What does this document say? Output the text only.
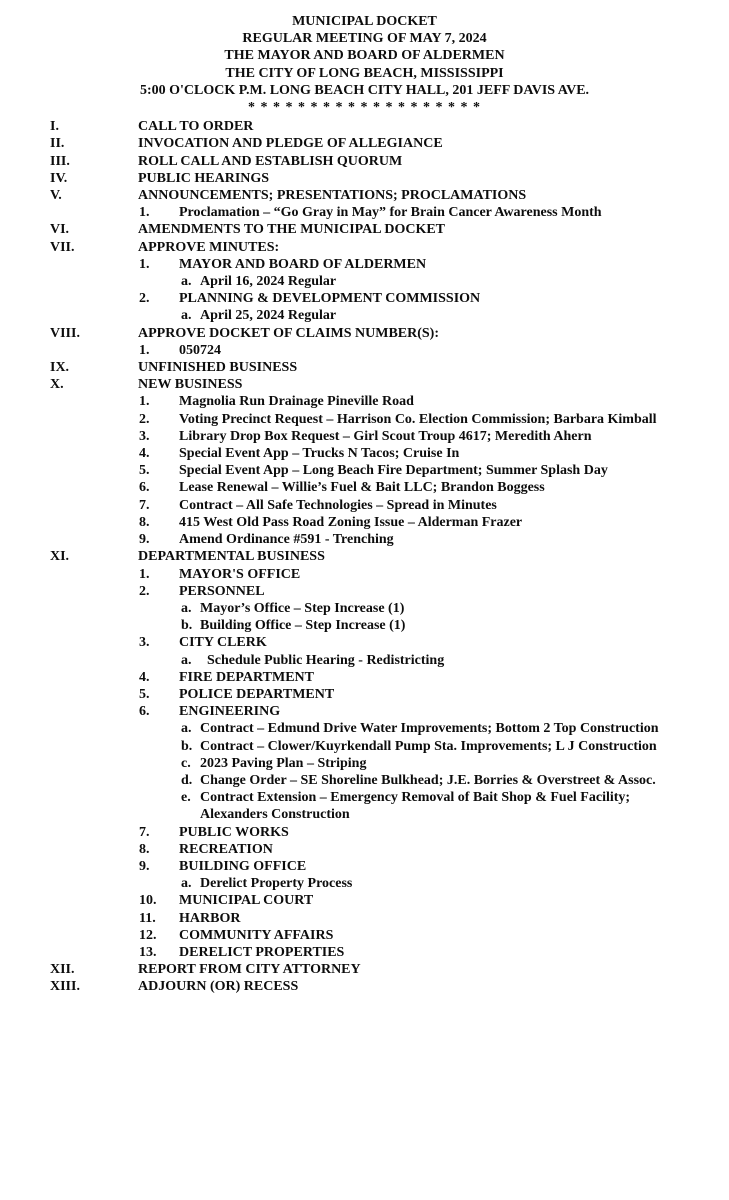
MUNICIPAL DOCKET
REGULAR MEETING OF MAY 7, 2024
THE MAYOR AND BOARD OF ALDERMEN
THE CITY OF LONG BEACH, MISSISSIPPI
5:00 O'CLOCK P.M. LONG BEACH CITY HALL, 201 JEFF DAVIS AVE.
* * * * * * * * * * * * * * * * * * *
I.	CALL TO ORDER
II.	INVOCATION AND PLEDGE OF ALLEGIANCE
III.	ROLL CALL AND ESTABLISH QUORUM
IV.	PUBLIC HEARINGS
V.	ANNOUNCEMENTS; PRESENTATIONS; PROCLAMATIONS
1.	Proclamation – “Go Gray in May” for Brain Cancer Awareness Month
VI.	AMENDMENTS TO THE MUNICIPAL DOCKET
VII.	APPROVE MINUTES:
1.	MAYOR AND BOARD OF ALDERMEN
a. April 16, 2024 Regular
2.	PLANNING & DEVELOPMENT COMMISSION
a. April 25, 2024 Regular
VIII.	APPROVE DOCKET OF CLAIMS NUMBER(S):
1.	050724
IX.	UNFINISHED BUSINESS
X.	NEW BUSINESS
1.	Magnolia Run Drainage Pineville Road
2.	Voting Precinct Request – Harrison Co. Election Commission; Barbara Kimball
3.	Library Drop Box Request – Girl Scout Troup 4617; Meredith Ahern
4.	Special Event App – Trucks N Tacos; Cruise In
5.	Special Event App – Long Beach Fire Department; Summer Splash Day
6.	Lease Renewal – Willie’s Fuel & Bait LLC; Brandon Boggess
7.	Contract – All Safe Technologies – Spread in Minutes
8.	415 West Old Pass Road Zoning Issue – Alderman Frazer
9.	Amend Ordinance #591 - Trenching
XI.	DEPARTMENTAL BUSINESS
1.	MAYOR'S OFFICE
2.	PERSONNEL
a. Mayor’s Office – Step Increase (1)
b. Building Office – Step Increase (1)
3.	CITY CLERK
a.	Schedule Public Hearing - Redistricting
4.	FIRE DEPARTMENT
5.	POLICE DEPARTMENT
6.	ENGINEERING
a. Contract – Edmund Drive Water Improvements; Bottom 2 Top Construction
b. Contract – Clower/Kuyrkendall Pump Sta. Improvements; L J Construction
c. 2023 Paving Plan – Striping
d. Change Order – SE Shoreline Bulkhead; J.E. Borries & Overstreet & Assoc.
e. Contract Extension – Emergency Removal of Bait Shop & Fuel Facility;
Alexanders Construction
7.	PUBLIC WORKS
8.	RECREATION
9.	BUILDING OFFICE
a. Derelict Property Process
10.	MUNICIPAL COURT
11.	HARBOR
12.	COMMUNITY AFFAIRS
13.	DERELICT PROPERTIES
XII.	REPORT FROM CITY ATTORNEY
XIII.	ADJOURN (OR) RECESS
